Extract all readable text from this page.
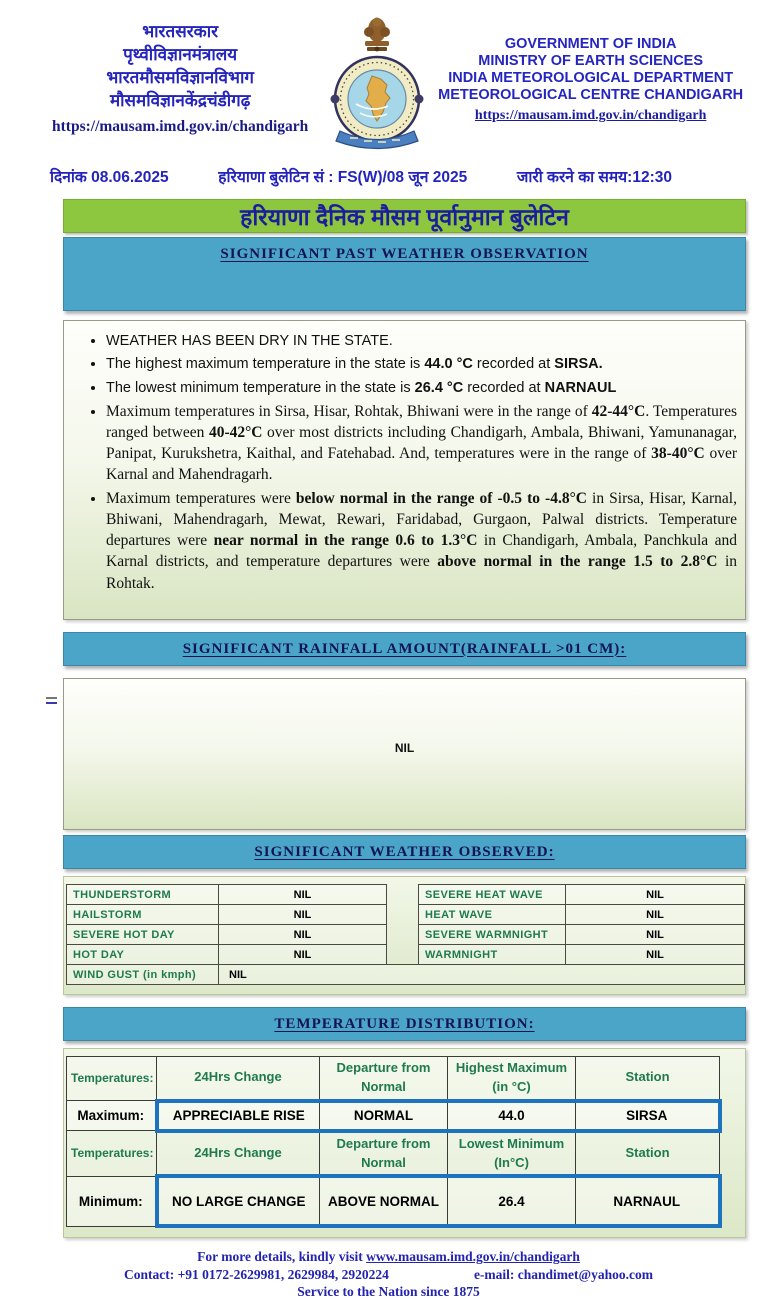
भारतसरकार
पृथ्वीविज्ञानमंत्रालय
भारतमौसमविज्ञानविभाग
मौसमविज्ञानकेंद्रचंडीगढ़
https://mausam.imd.gov.in/chandigarh
GOVERNMENT OF INDIA
MINISTRY OF EARTH SCIENCES
INDIA METEOROLOGICAL DEPARTMENT
METEOROLOGICAL CENTRE CHANDIGARH
https://mausam.imd.gov.in/chandigarh
दिनांक 08.06.2025	हरियाणा बुलेटिन सं : FS(W)/08 जून 2025	जारी करने का समय:12:30
हरियाणा दैनिक मौसम पूर्वानुमान बुलेटिन
SIGNIFICANT PAST WEATHER OBSERVATION
• WEATHER HAS BEEN DRY IN THE STATE.
• The highest maximum temperature in the state is 44.0 °C recorded at SIRSA.
• The lowest minimum temperature in the state is 26.4 °C recorded at NARNAUL
• Maximum temperatures in Sirsa, Hisar, Rohtak, Bhiwani were in the range of 42-44°C. Temperatures ranged between 40-42°C over most districts including Chandigarh, Ambala, Bhiwani, Yamunanagar, Panipat, Kurukshetra, Kaithal, and Fatehabad. And, temperatures were in the range of 38-40°C over Karnal and Mahendragarh.
• Maximum temperatures were below normal in the range of -0.5 to -4.8°C in Sirsa, Hisar, Karnal, Bhiwani, Mahendragarh, Mewat, Rewari, Faridabad, Gurgaon, Palwal districts. Temperature departures were near normal in the range 0.6 to 1.3°C in Chandigarh, Ambala, Panchkula and Karnal districts, and temperature departures were above normal in the range 1.5 to 2.8°C in Rohtak.
SIGNIFICANT RAINFALL AMOUNT(RAINFALL >01 CM):
NIL
SIGNIFICANT WEATHER OBSERVED:
THUNDERSTORM	NIL		SEVERE HEAT WAVE	NIL
HAILSTORM	NIL		HEAT WAVE	NIL
SEVERE HOT DAY	NIL		SEVERE WARMNIGHT	NIL
HOT DAY	NIL		WARMNIGHT	NIL
WIND GUST (in kmph)	NIL			
TEMPERATURE DISTRIBUTION:
Temperatures:	24Hrs Change	Departure from Normal	Highest Maximum (in °C)	Station
Maximum:	APPRECIABLE RISE	NORMAL	44.0	SIRSA
Temperatures:	24Hrs Change	Departure from Normal	Lowest Minimum (In°C)	Station
Minimum:	NO LARGE CHANGE	ABOVE NORMAL	26.4	NARNAUL
For more details, kindly visit www.mausam.imd.gov.in/chandigarh
Contact: +91 0172-2629981, 2629984, 2920224	e-mail: chandimet@yahoo.com
Service to the Nation since 1875
